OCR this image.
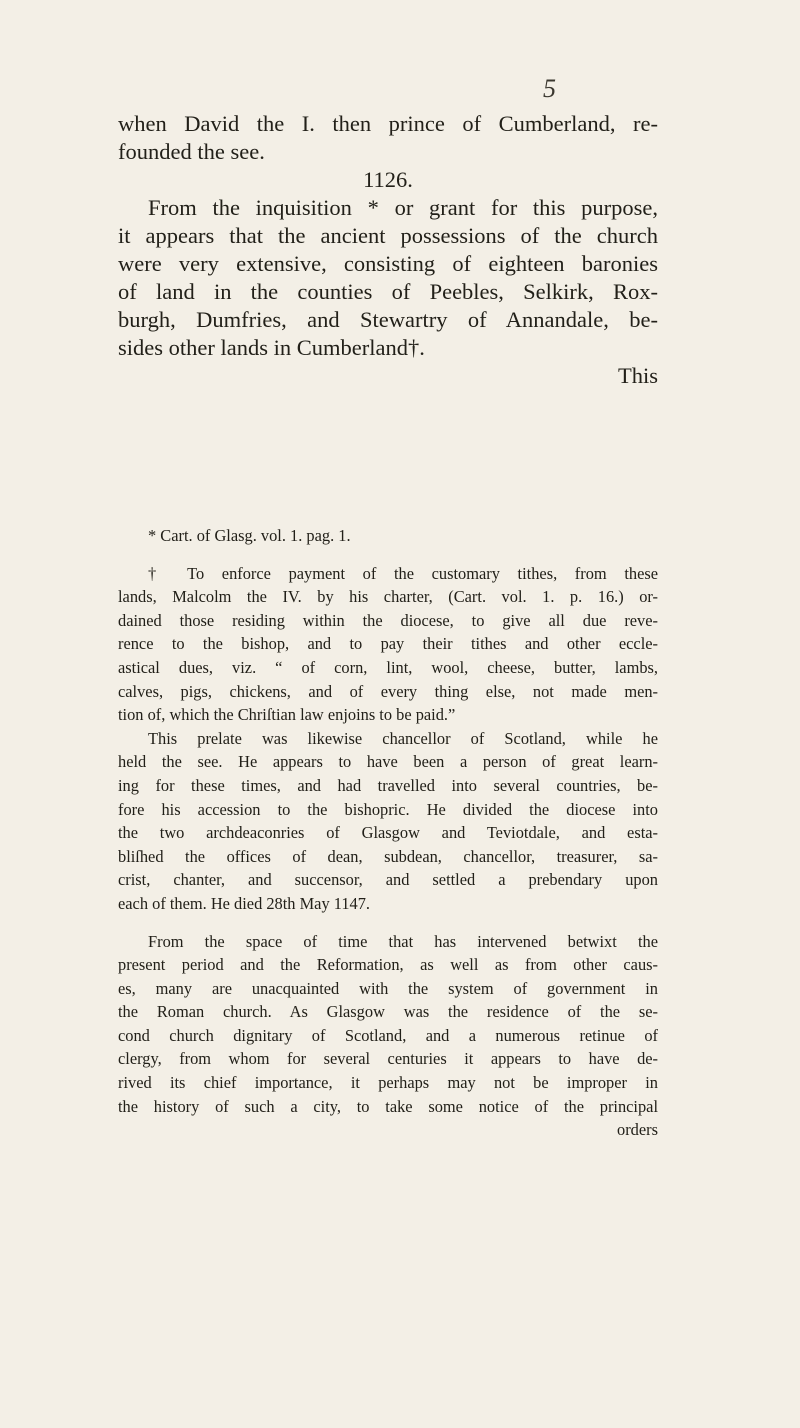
5
when David the I. then prince of Cumberland, re-
founded the see.
1126.
From the inquisition * or grant for this purpose,
it appears that the ancient possessions of the church
were very extensive, consisting of eighteen baronies
of land in the counties of Peebles, Selkirk, Rox-
burgh, Dumfries, and Stewartry of Annandale, be-
sides other lands in Cumberland†.
This
* Cart. of Glasg. vol. 1. pag. 1.
† To enforce payment of the customary tithes, from these
lands, Malcolm the IV. by his charter, (Cart. vol. 1. p. 16.) or-
dained those residing within the diocese, to give all due reve-
rence to the bishop, and to pay their tithes and other eccle-
astical dues, viz. “ of corn, lint, wool, cheese, butter, lambs,
calves, pigs, chickens, and of every thing else, not made men-
tion of, which the Chriſtian law enjoins to be paid.”
This prelate was likewise chancellor of Scotland, while he
held the see. He appears to have been a person of great learn-
ing for these times, and had travelled into several countries, be-
fore his accession to the bishopric. He divided the diocese into
the two archdeaconries of Glasgow and Teviotdale, and esta-
bliſhed the offices of dean, subdean, chancellor, treasurer, sa-
crist, chanter, and succensor, and settled a prebendary upon
each of them. He died 28th May 1147.
From the space of time that has intervened betwixt the
present period and the Reformation, as well as from other caus-
es, many are unacquainted with the system of government in
the Roman church. As Glasgow was the residence of the se-
cond church dignitary of Scotland, and a numerous retinue of
clergy, from whom for several centuries it appears to have de-
rived its chief importance, it perhaps may not be improper in
the history of such a city, to take some notice of the principal
orders
